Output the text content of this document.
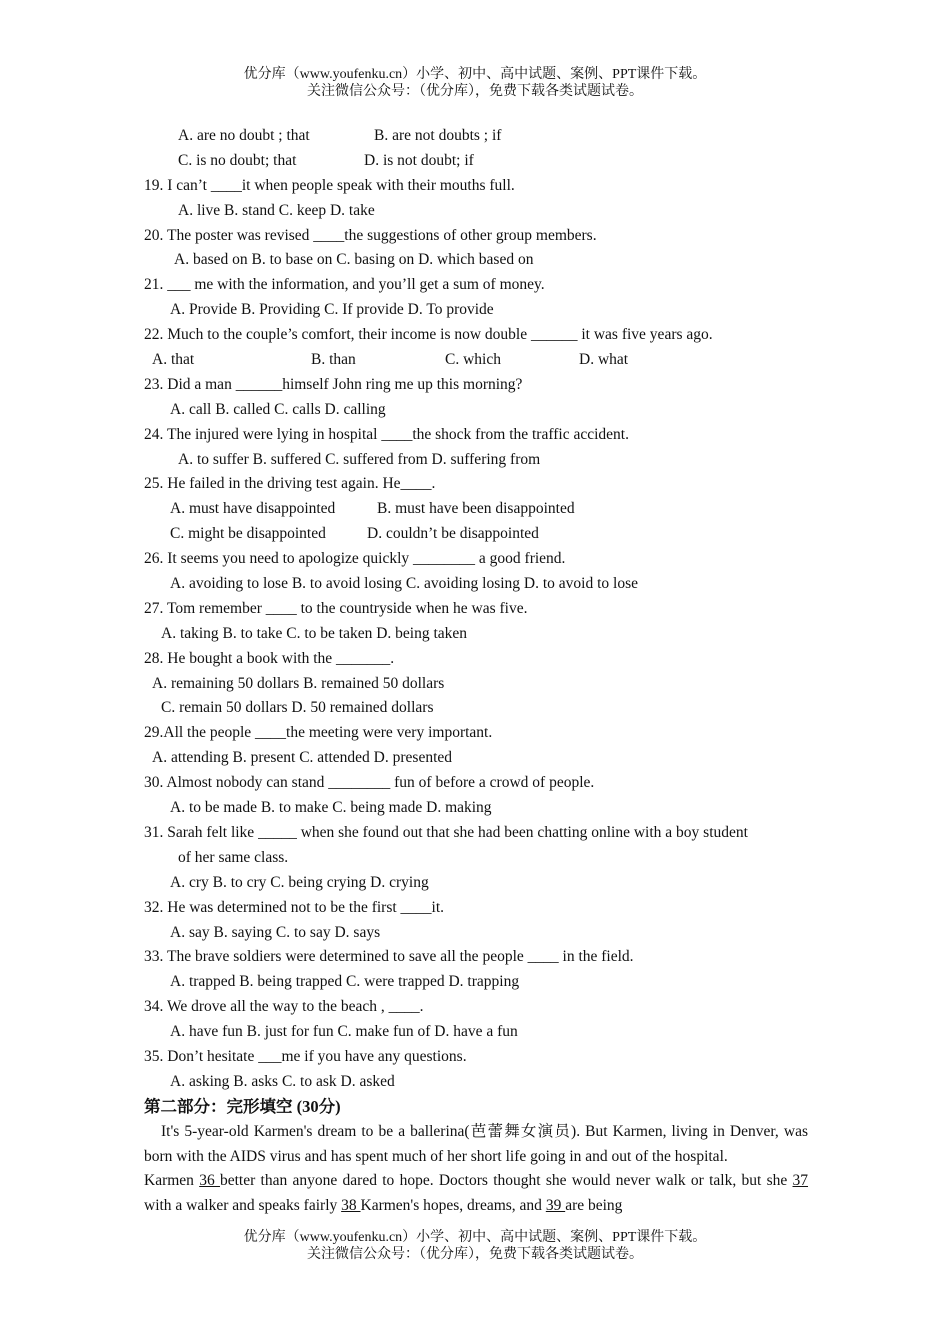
优分库（www.youfenku.cn）小学、初中、高中试题、案例、PPT课件下载。
关注微信公众号：（优分库），免费下载各类试题试卷。
A. are no doubt ; that	B. are not doubts ; if
C. is no doubt; that	D. is not doubt; if
19. I can’t ____it when people speak with their mouths full.
A. live B. stand C. keep D. take
20. The poster was revised ____the suggestions of other group members.
A. based on B. to base on C. basing on D. which based on
21. ___ me with the information, and you’ll get a sum of money.
A. Provide B. Providing C. If provide D. To provide
22. Much to the couple’s comfort, their income is now double ______ it was five years ago.
A. that	B. than	C. which	D. what
23. Did a man ______himself John ring me up this morning?
A. call B. called C. calls D. calling
24. The injured were lying in hospital ____the shock from the traffic accident.
A. to suffer B. suffered C. suffered from D. suffering from
25. He failed in the driving test again. He____.
A. must have disappointed	B. must have been disappointed
C. might be disappointed	D. couldn’t be disappointed
26. It seems you need to apologize quickly ________ a good friend.
A. avoiding to lose B. to avoid losing C. avoiding losing D. to avoid to lose
27. Tom remember ____ to the countryside when he was five.
A. taking B. to take C. to be taken D. being taken
28. He bought a book with the _______.
A. remaining 50 dollars B. remained 50 dollars
C. remain 50 dollars D. 50 remained dollars
29.All the people ____the meeting were very important.
A. attending B. present C. attended D. presented
30. Almost nobody can stand ________ fun of before a crowd of people.
A. to be made B. to make C. being made D. making
31. Sarah felt like _____ when she found out that she had been chatting online with a boy student
of her same class.
A. cry B. to cry C. being crying D. crying
32. He was determined not to be the first ____it.
A. say B. saying C. to say D. says
33. The brave soldiers were determined to save all the people ____ in the field.
A. trapped B. being trapped C. were trapped D. trapping
34. We drove all the way to the beach , ____.
A. have fun B. just for fun C. make fun of D. have a fun
35. Don’t hesitate ___me if you have any questions.
A. asking B. asks C. to ask D. asked
第二部分：完形填空 (30分)
It's 5-year-old Karmen's dream to be a ballerina(芭蕾舞女演员). But Karmen, living in Denver, was born with the AIDS virus and has spent much of her short life going in and out of the hospital.
Karmen 36 better than anyone dared to hope. Doctors thought she would never walk or talk, but she 37 with a walker and speaks fairly 38 Karmen's hopes, dreams, and 39 are being
优分库（www.youfenku.cn）小学、初中、高中试题、案例、PPT课件下载。
关注微信公众号：（优分库），免费下载各类试题试卷。
